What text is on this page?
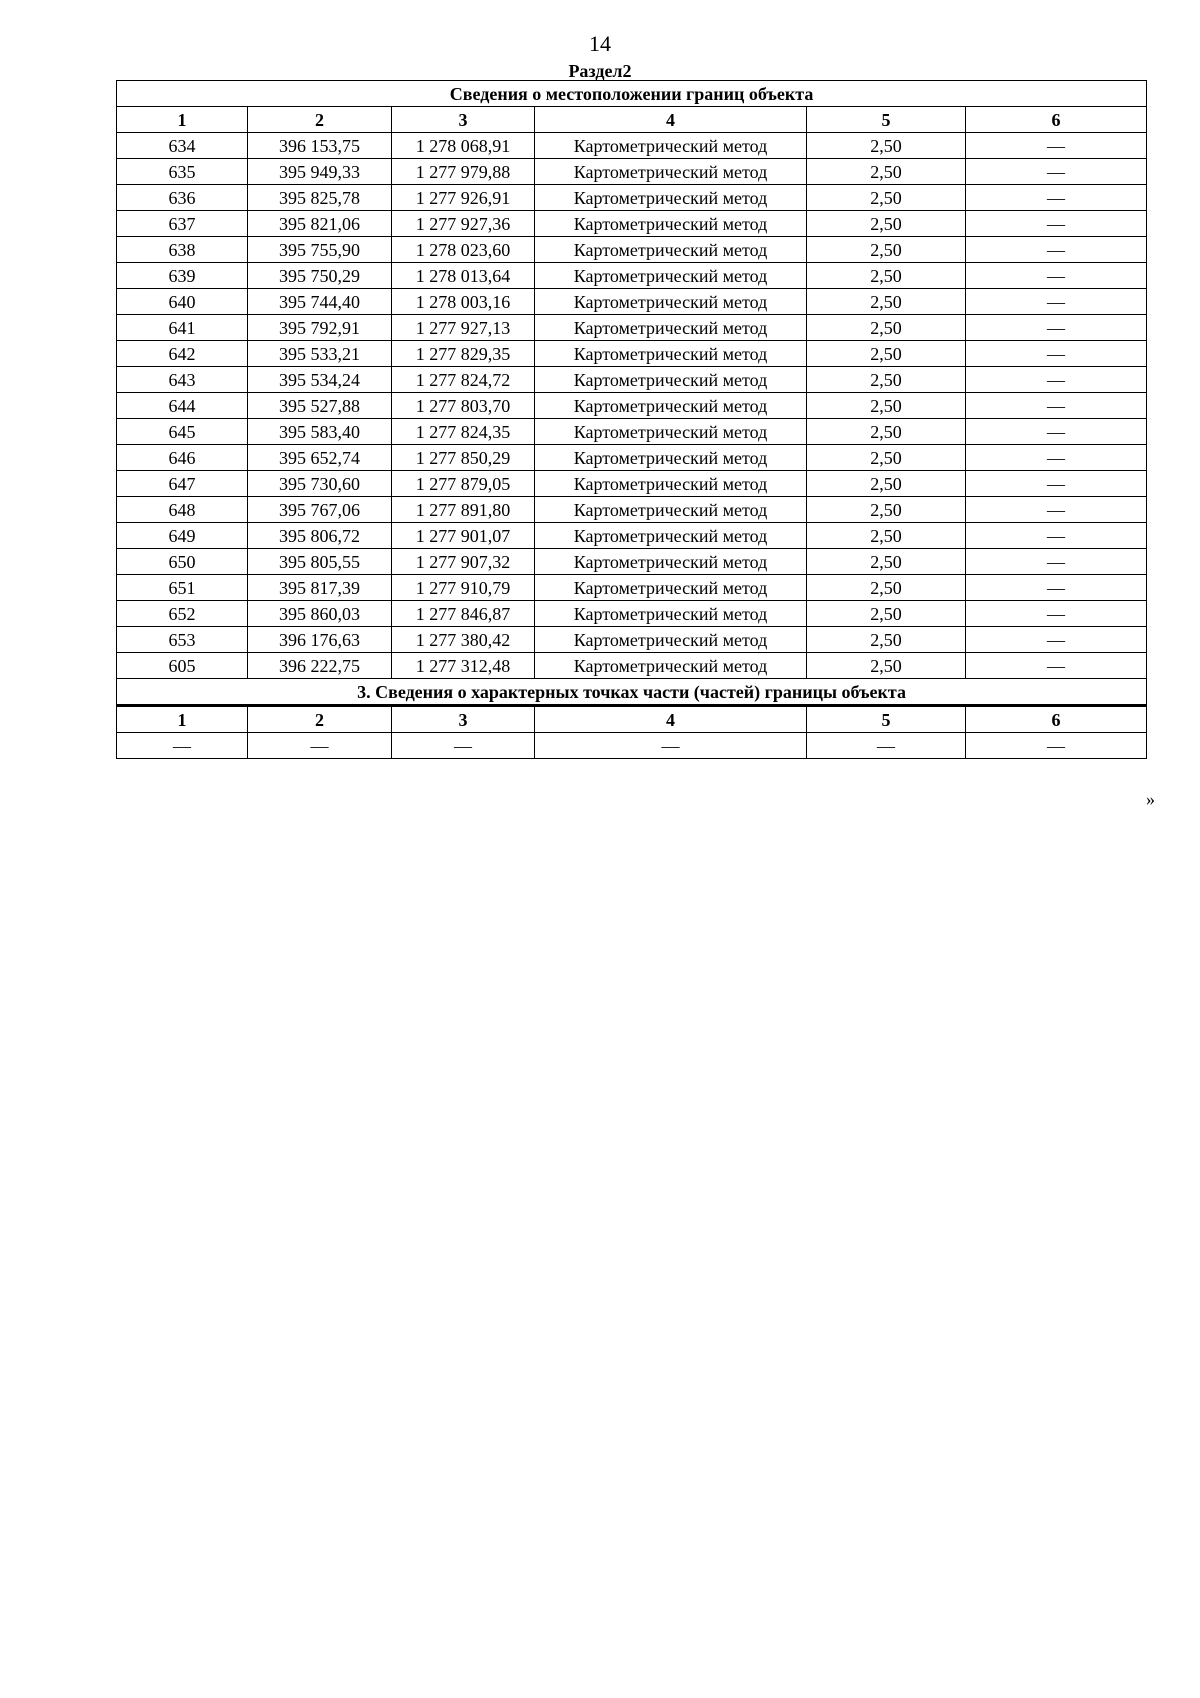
14
Раздел2
Сведения о местоположении границ объекта					
1	2	3	4	5	6
634	396 153,75	1 278 068,91	Картометрический метод	2,50	—
635	395 949,33	1 277 979,88	Картометрический метод	2,50	—
636	395 825,78	1 277 926,91	Картометрический метод	2,50	—
637	395 821,06	1 277 927,36	Картометрический метод	2,50	—
638	395 755,90	1 278 023,60	Картометрический метод	2,50	—
639	395 750,29	1 278 013,64	Картометрический метод	2,50	—
640	395 744,40	1 278 003,16	Картометрический метод	2,50	—
641	395 792,91	1 277 927,13	Картометрический метод	2,50	—
642	395 533,21	1 277 829,35	Картометрический метод	2,50	—
643	395 534,24	1 277 824,72	Картометрический метод	2,50	—
644	395 527,88	1 277 803,70	Картометрический метод	2,50	—
645	395 583,40	1 277 824,35	Картометрический метод	2,50	—
646	395 652,74	1 277 850,29	Картометрический метод	2,50	—
647	395 730,60	1 277 879,05	Картометрический метод	2,50	—
648	395 767,06	1 277 891,80	Картометрический метод	2,50	—
649	395 806,72	1 277 901,07	Картометрический метод	2,50	—
650	395 805,55	1 277 907,32	Картометрический метод	2,50	—
651	395 817,39	1 277 910,79	Картометрический метод	2,50	—
652	395 860,03	1 277 846,87	Картометрический метод	2,50	—
653	396 176,63	1 277 380,42	Картометрический метод	2,50	—
605	396 222,75	1 277 312,48	Картометрический метод	2,50	—
3. Сведения о характерных точках части (частей) границы объекта					
1	2	3	4	5	6
—	—	—	—	—	—
»
